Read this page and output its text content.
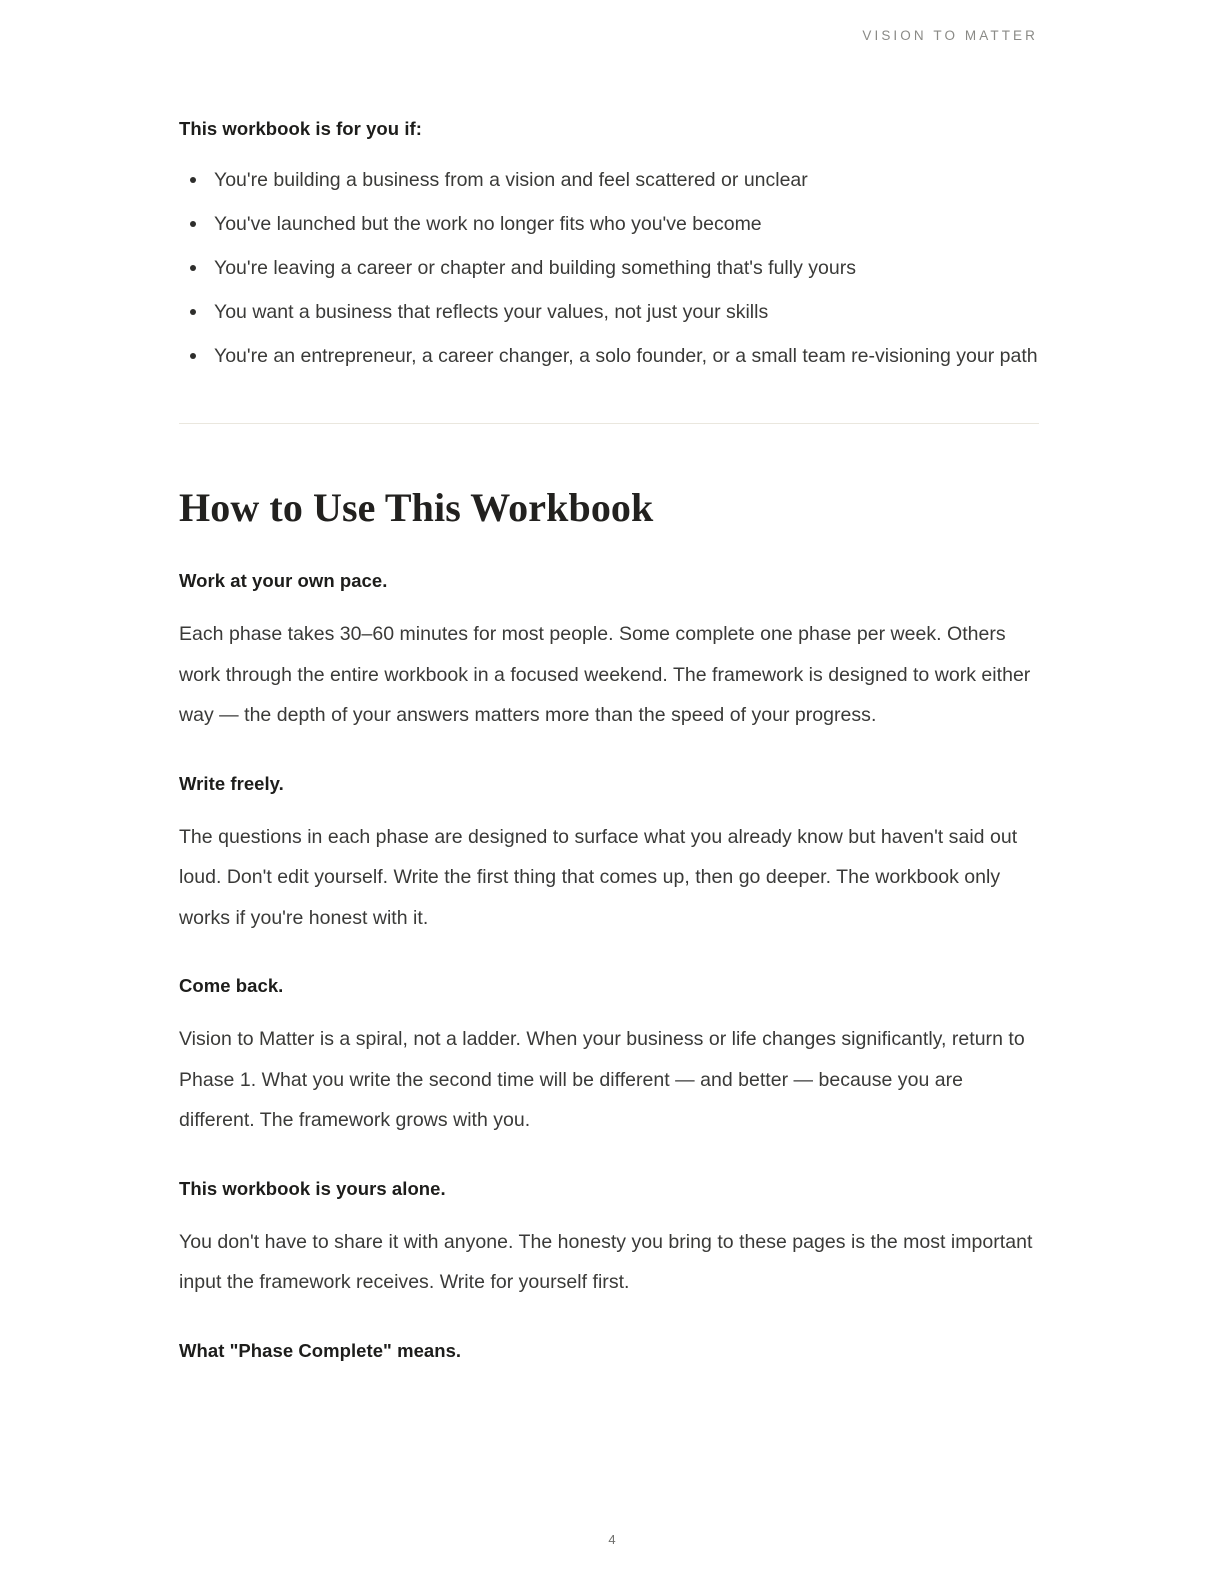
VISION TO MATTER

This workbook is for you if:

You're building a business from a vision and feel scattered or unclear
You've launched but the work no longer fits who you've become
You're leaving a career or chapter and building something that's fully yours
You want a business that reflects your values, not just your skills
You're an entrepreneur, a career changer, a solo founder, or a small team re-visioning your path
How to Use This Workbook

Work at your own pace.

Each phase takes 30–60 minutes for most people. Some complete one phase per week. Others work through the entire workbook in a focused weekend. The framework is designed to work either way — the depth of your answers matters more than the speed of your progress.

Write freely.

The questions in each phase are designed to surface what you already know but haven't said out loud. Don't edit yourself. Write the first thing that comes up, then go deeper. The workbook only works if you're honest with it.

Come back.

Vision to Matter is a spiral, not a ladder. When your business or life changes significantly, return to Phase 1. What you write the second time will be different — and better — because you are different. The framework grows with you.

This workbook is yours alone.

You don't have to share it with anyone. The honesty you bring to these pages is the most important input the framework receives. Write for yourself first.

What "Phase Complete" means.

4
